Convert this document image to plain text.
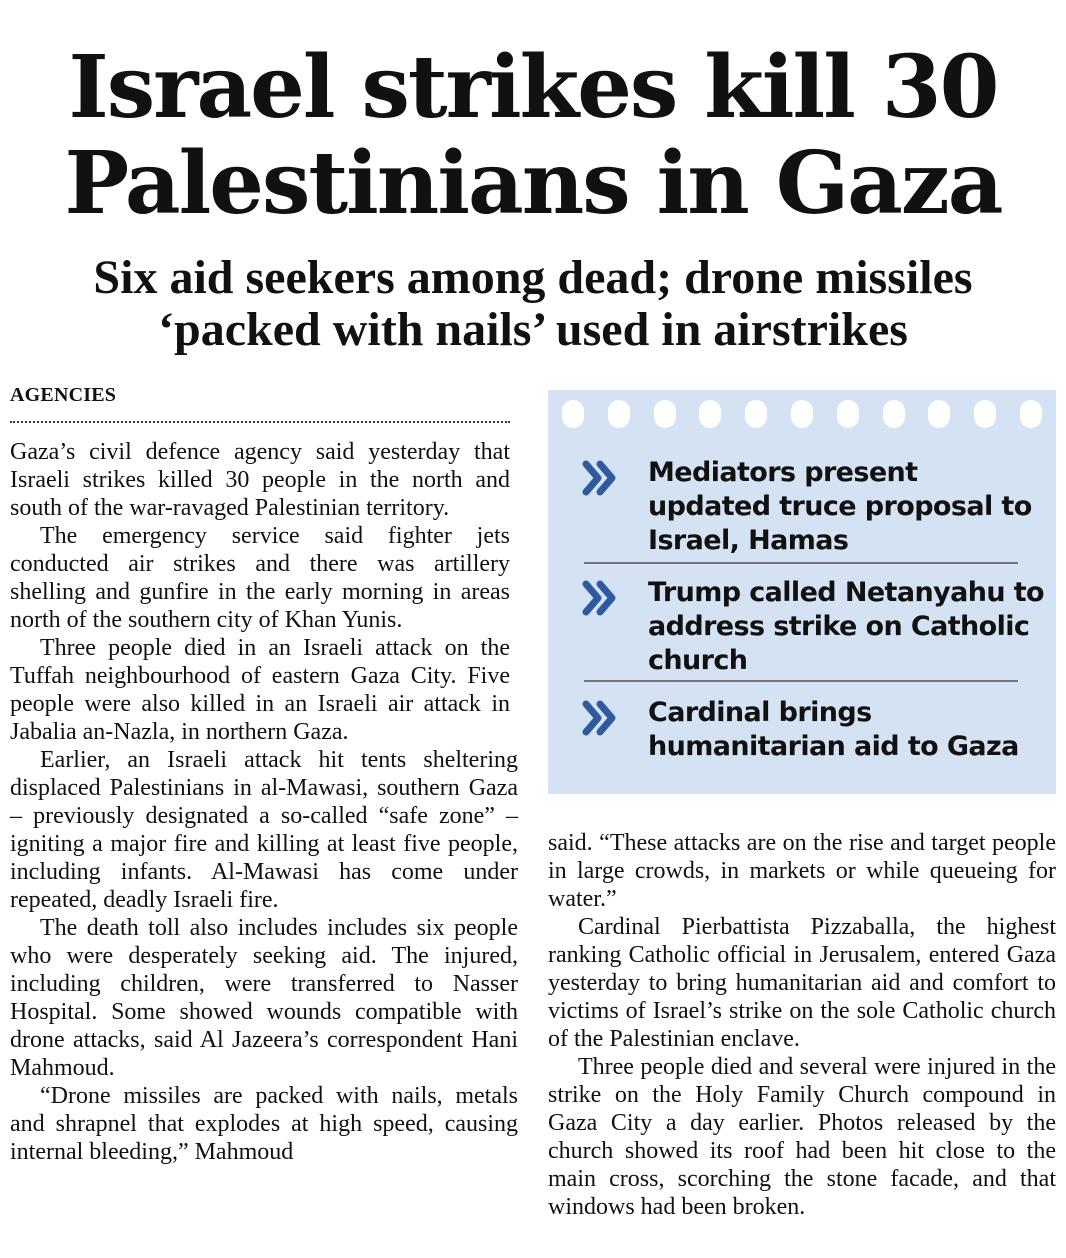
Israel strikes kill 30
Palestinians in Gaza
Six aid seekers among dead; drone missiles
‘packed with nails’ used in airstrikes
AGENCIES

Gaza’s civil defence agency said yesterday that Israeli strikes killed 30 people in the north and south of the war-ravaged Palestinian territory.

The emergency service said fighter jets conducted air strikes and there was artillery shelling and gunfire in the early morning in areas north of the southern city of Khan Yunis.

Three people died in an Israeli attack on the Tuffah neighbourhood of eastern Gaza City. Five people were also killed in an Israeli air attack in Jabalia an-Nazla, in northern Gaza.

Earlier, an Israeli attack hit tents sheltering displaced Palestinians in al-Mawasi, southern Gaza – previously designated a so-called “safe zone” – igniting a major fire and killing at least five people, including infants. Al-Mawasi has come under repeated, deadly Israeli fire.

The death toll also includes includes six people who were desperately seeking aid. The injured, including children, were transferred to Nasser Hospital. Some showed wounds compatible with drone attacks, said Al Jazeera’s correspondent Hani Mahmoud.

“Drone missiles are packed with nails, metals and shrapnel that explodes at high speed, causing internal bleeding,” Mahmoud

Mediators present updated truce proposal to Israel, Hamas
Trump called Netanyahu to address strike on Catholic church
Cardinal brings humanitarian aid to Gaza

said. “These attacks are on the rise and target people in large crowds, in markets or while queueing for water.”

Cardinal Pierbattista Pizzaballa, the highest ranking Catholic official in Jerusalem, entered Gaza yesterday to bring humanitarian aid and comfort to victims of Israel’s strike on the sole Catholic church of the Palestinian enclave.

Three people died and several were injured in the strike on the Holy Family Church compound in Gaza City a day earlier. Photos released by the church showed its roof had been hit close to the main cross, scorching the stone facade, and that windows had been broken.
